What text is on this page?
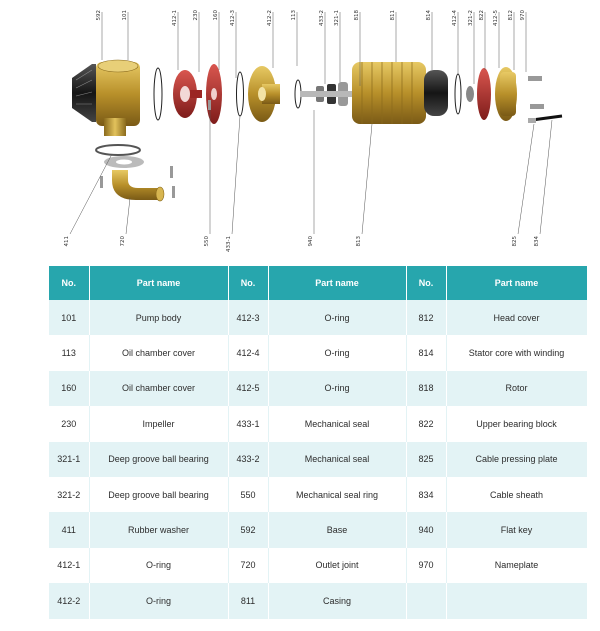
592	101	412-1	230	160 412-3	412-2	113	433-2 321-1	818	811	814	412-4 321-2 822 412-5 812 970
411	720	550	433-1	940	813	825	834
No.	Part name	No.	Part name	No.	Part name
101	Pump body	412-3	O-ring	812	Head cover
113	Oil chamber cover	412-4	O-ring	814	Stator core with winding
160	Oil chamber cover	412-5	O-ring	818	Rotor
230	Impeller	433-1	Mechanical seal	822	Upper bearing block
321-1	Deep groove ball bearing	433-2	Mechanical seal	825	Cable pressing plate
321-2	Deep groove ball bearing	550	Mechanical seal ring	834	Cable sheath
411	Rubber washer	592	Base	940	Flat key
412-1	O-ring	720	Outlet joint	970	Nameplate
412-2	O-ring	811	Casing		
